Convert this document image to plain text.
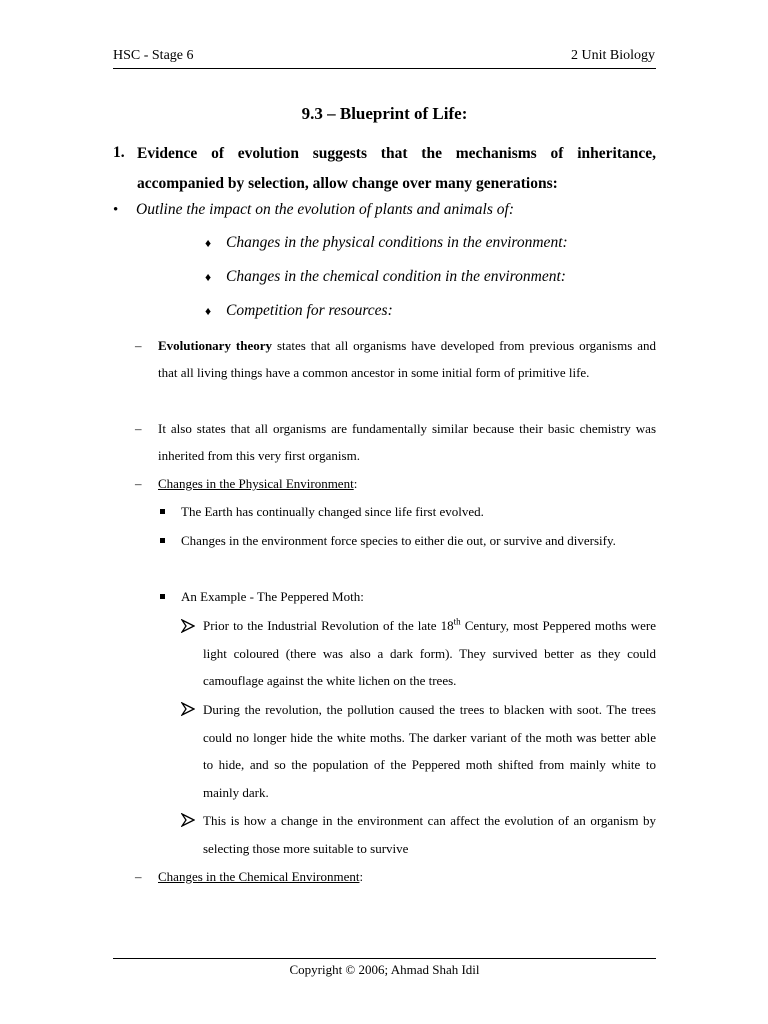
HSC - Stage 6	2 Unit Biology
9.3 – Blueprint of Life:
1. Evidence of evolution suggests that the mechanisms of inheritance, accompanied by selection, allow change over many generations:
• Outline the impact on the evolution of plants and animals of:
♦ Changes in the physical conditions in the environment:
♦ Changes in the chemical condition in the environment:
♦ Competition for resources:
– Evolutionary theory states that all organisms have developed from previous organisms and that all living things have a common ancestor in some initial form of primitive life.
– It also states that all organisms are fundamentally similar because their basic chemistry was inherited from this very first organism.
– Changes in the Physical Environment:
The Earth has continually changed since life first evolved.
Changes in the environment force species to either die out, or survive and diversify.
An Example - The Peppered Moth:
Prior to the Industrial Revolution of the late 18th Century, most Peppered moths were light coloured (there was also a dark form). They survived better as they could camouflage against the white lichen on the trees.
During the revolution, the pollution caused the trees to blacken with soot. The trees could no longer hide the white moths. The darker variant of the moth was better able to hide, and so the population of the Peppered moth shifted from mainly white to mainly dark.
This is how a change in the environment can affect the evolution of an organism by selecting those more suitable to survive
– Changes in the Chemical Environment:
Copyright © 2006; Ahmad Shah Idil
